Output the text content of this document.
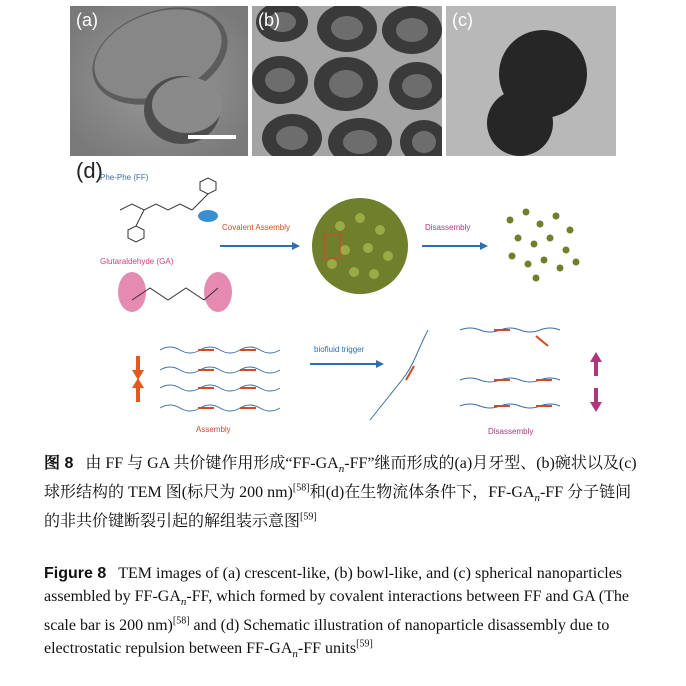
(a)	(b)	(c)
(d)
Phe-Phe (FF)
Glutaraldehyde (GA)
Covalent Assembly	Disassembly
Assembly
biofluid trigger
Disassembly
图 8 由 FF 与 GA 共价键作用形成“$FF-GA_n-FF$”继而形成的(a)月牙型、(b)碗状以及(c)球形结构的 TEM 图(标尺为 200 nm)[58]和(d)在生物流体条件下，$FF-GA_n-FF$ 分子链间的非共价键断裂引起的解组装示意图[59]
Figure 8 TEM images of (a) crescent-like, (b) bowl-like, and (c) spherical nanoparticles assembled by $FF-GA_n-FF$, which formed by covalent interactions between FF and GA (The scale bar is 200 nm)[58] and (d) Schematic illustration of nanoparticle disassembly due to electrostatic repulsion between $FF-GA_n-FF$ units[59]
